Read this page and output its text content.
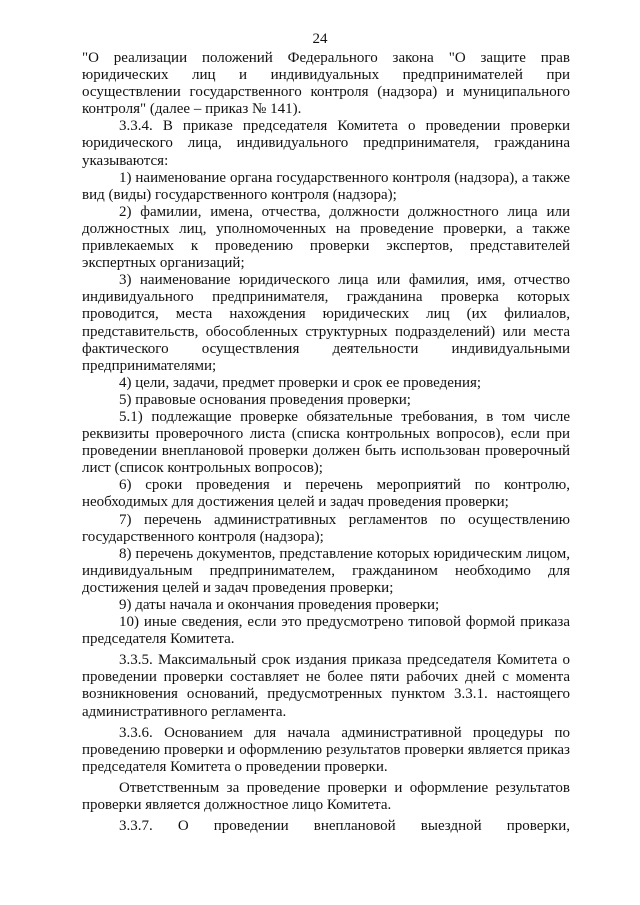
24

"О реализации положений Федерального закона "О защите прав юридических лиц и индивидуальных предпринимателей при осуществлении государственного контроля (надзора) и муниципального контроля" (далее – приказ № 141).

3.3.4. В приказе председателя Комитета о проведении проверки юридического лица, индивидуального предпринимателя, гражданина указываются:

1) наименование органа государственного контроля (надзора), а также вид (виды) государственного контроля (надзора);

2) фамилии, имена, отчества, должности должностного лица или должностных лиц, уполномоченных на проведение проверки, а также привлекаемых к проведению проверки экспертов, представителей экспертных организаций;

3) наименование юридического лица или фамилия, имя, отчество индивидуального предпринимателя, гражданина проверка которых проводится, места нахождения юридических лиц (их филиалов, представительств, обособленных структурных подразделений) или места фактического осуществления деятельности индивидуальными предпринимателями;

4) цели, задачи, предмет проверки и срок ее проведения;

5) правовые основания проведения проверки;

5.1) подлежащие проверке обязательные требования, в том числе реквизиты проверочного листа (списка контрольных вопросов), если при проведении внеплановой проверки должен быть использован проверочный лист (список контрольных вопросов);

6) сроки проведения и перечень мероприятий по контролю, необходимых для достижения целей и задач проведения проверки;

7) перечень административных регламентов по осуществлению государственного контроля (надзора);

8) перечень документов, представление которых юридическим лицом, индивидуальным предпринимателем, гражданином необходимо для достижения целей и задач проведения проверки;

9) даты начала и окончания проведения проверки;

10) иные сведения, если это предусмотрено типовой формой приказа председателя Комитета.

3.3.5. Максимальный срок издания приказа председателя Комитета о проведении проверки составляет не более пяти рабочих дней с момента возникновения оснований, предусмотренных пунктом 3.3.1. настоящего административного регламента.

3.3.6. Основанием для начала административной процедуры по проведению проверки и оформлению результатов проверки является приказ председателя Комитета о проведении проверки.

Ответственным за проведение проверки и оформление результатов проверки является должностное лицо Комитета.

3.3.7. О проведении внеплановой выездной проверки,
